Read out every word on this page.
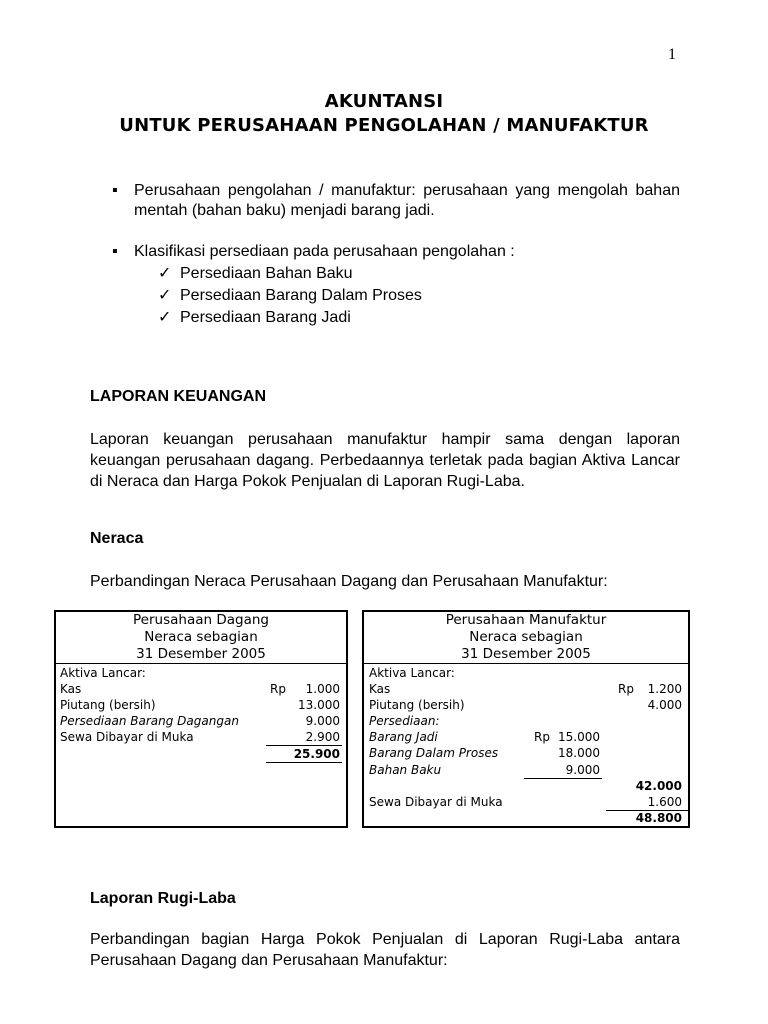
1
AKUNTANSI
UNTUK PERUSAHAAN PENGOLAHAN / MANUFAKTUR
▪ Perusahaan pengolahan / manufaktur: perusahaan yang mengolah bahan mentah (bahan baku) menjadi barang jadi.
▪ Klasifikasi persediaan pada perusahaan pengolahan :
✓ Persediaan Bahan Baku
✓ Persediaan Barang Dalam Proses
✓ Persediaan Barang Jadi
LAPORAN KEUANGAN
Laporan keuangan perusahaan manufaktur hampir sama dengan laporan keuangan perusahaan dagang. Perbedaannya terletak pada bagian Aktiva Lancar di Neraca dan Harga Pokok Penjualan di Laporan Rugi-Laba.
Neraca
Perbandingan Neraca Perusahaan Dagang dan Perusahaan Manufaktur:
Perusahaan Dagang
Neraca sebagian
31 Desember 2005
Aktiva Lancar:
Kas	Rp	1.000
Piutang (bersih)	13.000
Persediaan Barang Dagangan	9.000
Sewa Dibayar di Muka	2.900
25.900
Perusahaan Manufaktur
Neraca sebagian
31 Desember 2005
Aktiva Lancar:
Kas	Rp	1.200
Piutang (bersih)	4.000
Persediaan:
Barang Jadi	Rp 15.000
Barang Dalam Proses	18.000
Bahan Baku	9.000
42.000
Sewa Dibayar di Muka	1.600
48.800
Laporan Rugi-Laba
Perbandingan bagian Harga Pokok Penjualan di Laporan Rugi-Laba antara Perusahaan Dagang dan Perusahaan Manufaktur:
